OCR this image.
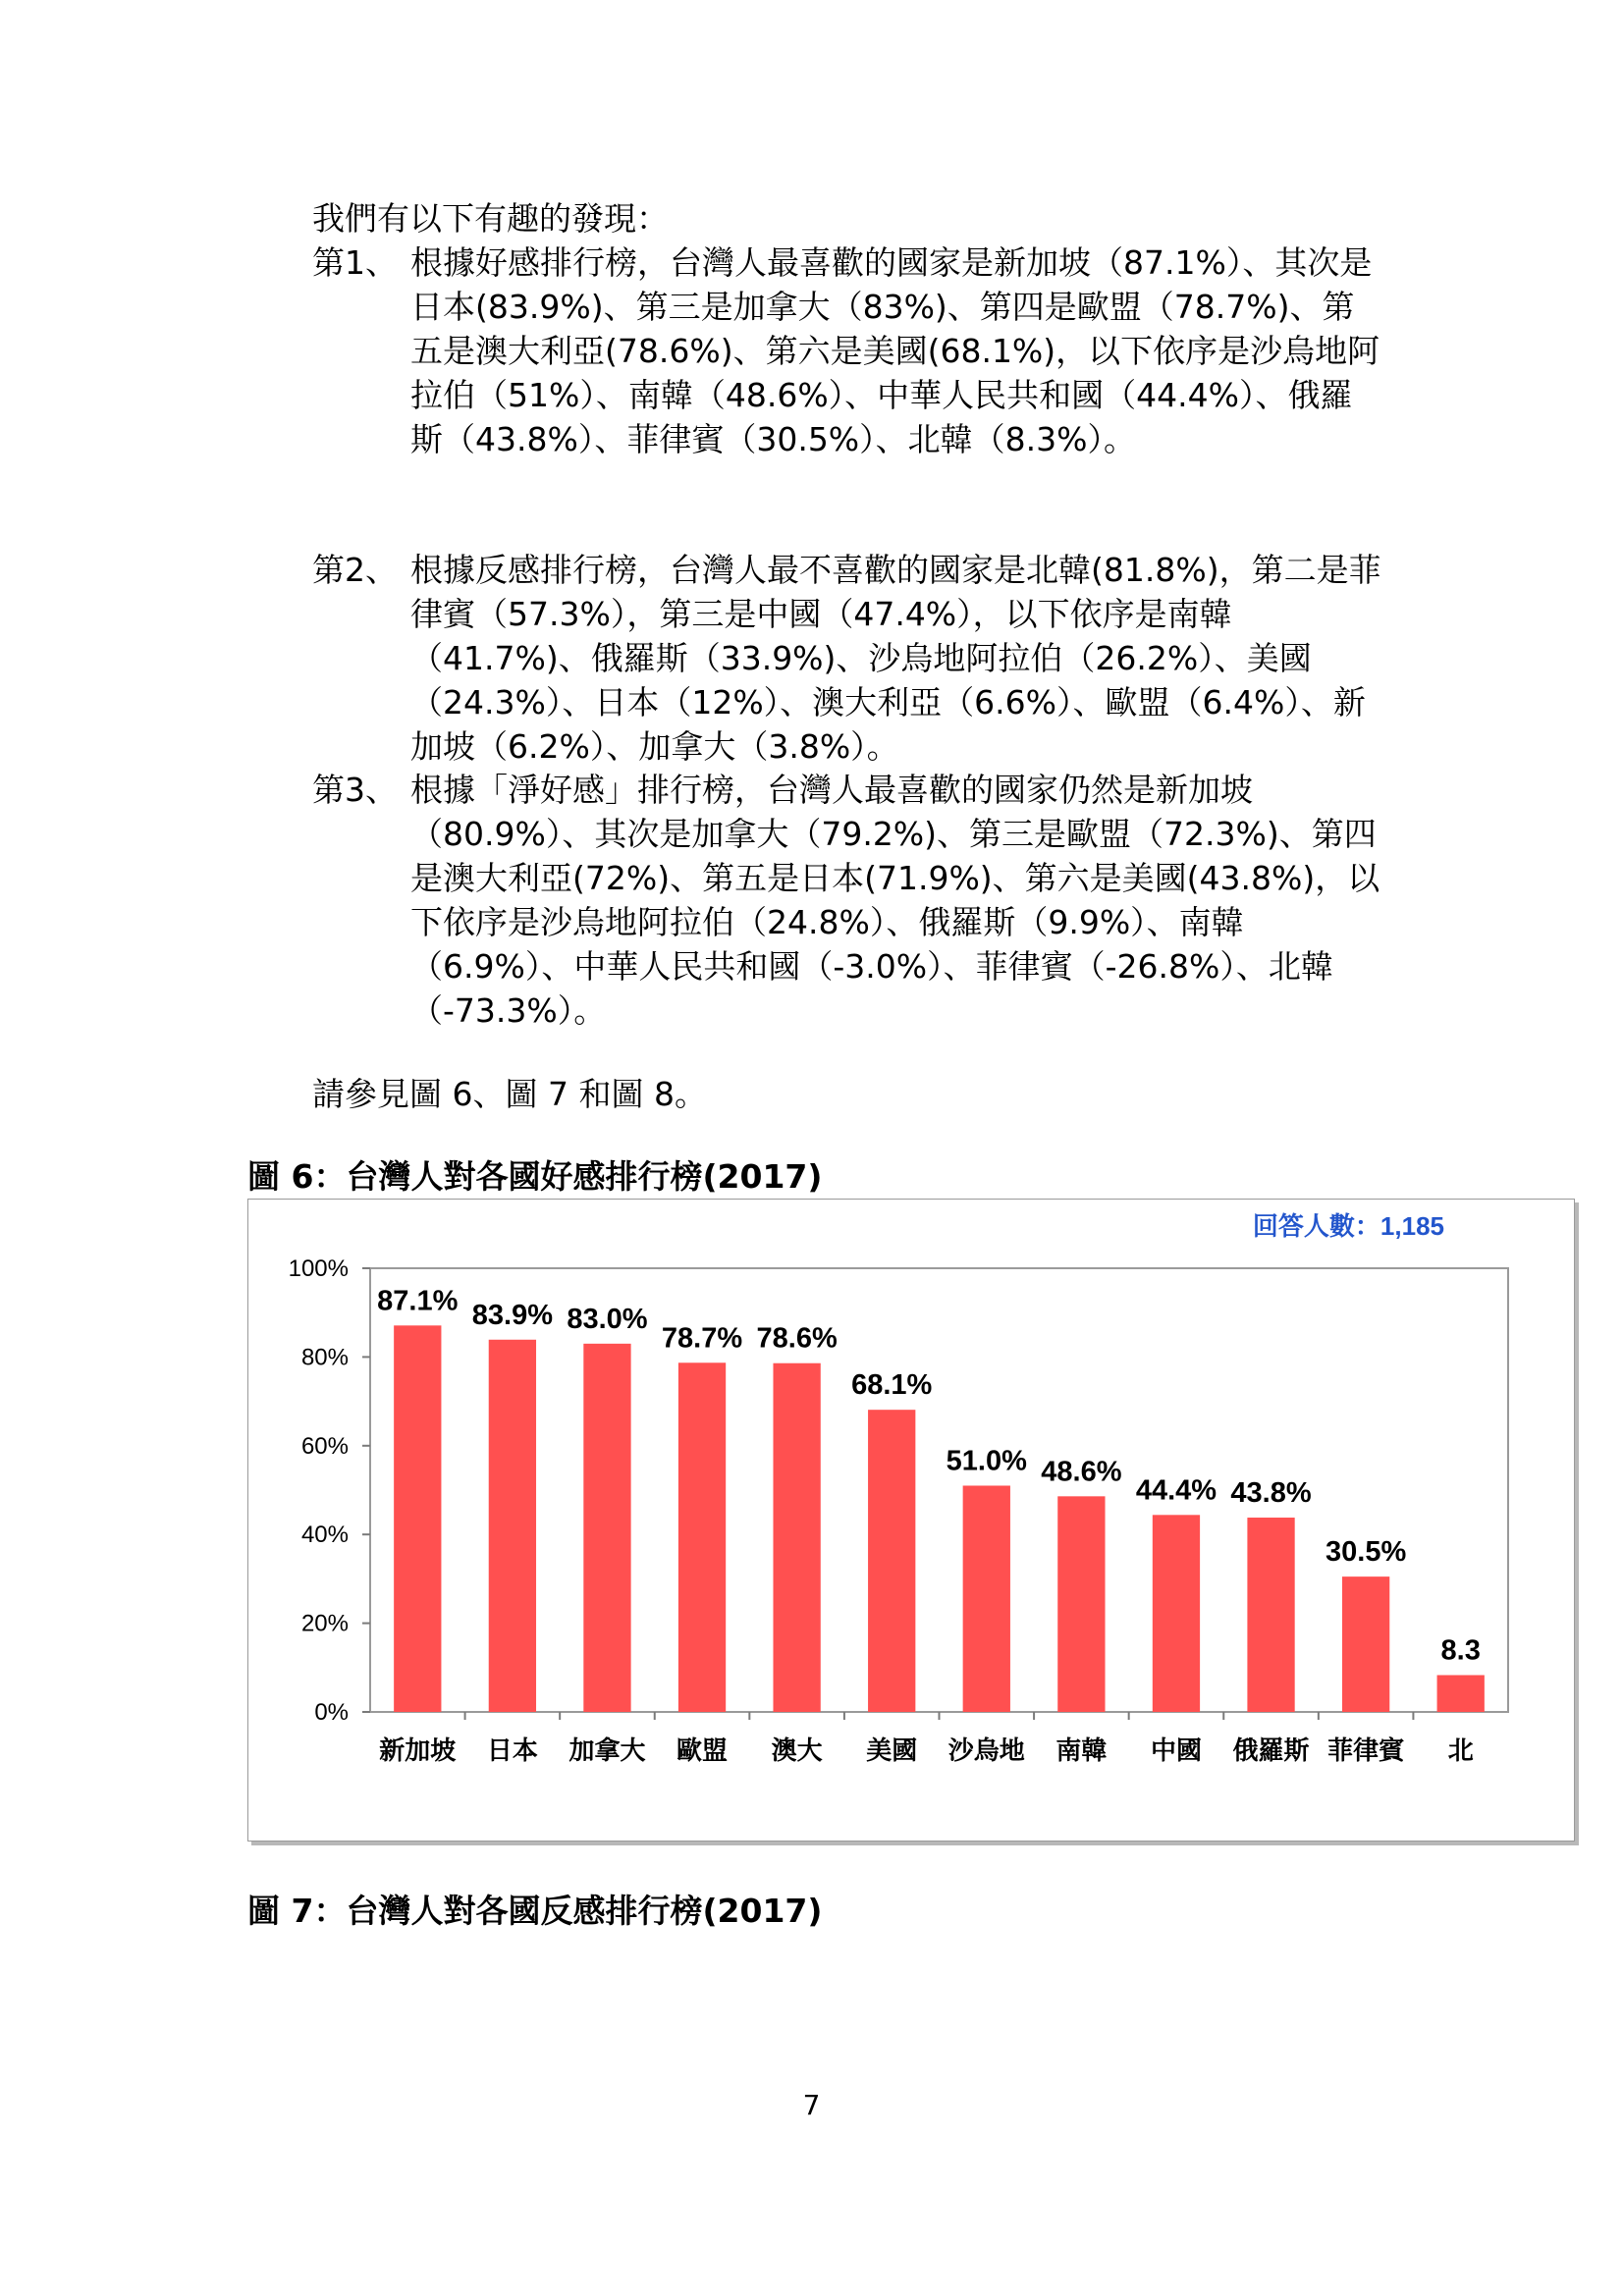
我們有以下有趣的發現：

第1、 根據好感排行榜，台灣人最喜歡的國家是新加坡（87.1%）、其次是日本(83.9%)、第三是加拿大（83%)、第四是歐盟（78.7%)、第五是澳大利亞(78.6%)、第六是美國(68.1%)，以下依序是沙烏地阿拉伯（51%）、南韓（48.6%）、中華人民共和國（44.4%）、俄羅斯（43.8%）、菲律賓（30.5%）、北韓（8.3%）。

第2、 根據反感排行榜，台灣人最不喜歡的國家是北韓(81.8%)，第二是菲律賓（57.3%），第三是中國（47.4%），以下依序是南韓（41.7%)、俄羅斯（33.9%)、沙烏地阿拉伯（26.2%）、美國（24.3%）、日本（12%）、澳大利亞（6.6%）、歐盟（6.4%）、新加坡（6.2%）、加拿大（3.8%）。

第3、 根據「淨好感」排行榜，台灣人最喜歡的國家仍然是新加坡（80.9%）、其次是加拿大（79.2%)、第三是歐盟（72.3%)、第四是澳大利亞(72%)、第五是日本(71.9%)、第六是美國(43.8%)，以下依序是沙烏地阿拉伯（24.8%）、俄羅斯（9.9%）、南韓（6.9%）、中華人民共和國（-3.0%）、菲律賓（-26.8%）、北韓（-73.3%）。

請參見圖 6、圖 7 和圖 8。

圖 6：台灣人對各國好感排行榜(2017)

回答人數：1,185
0%
20%
40%
60%
80%
100%
87.1% 83.9% 83.0%
78.7% 78.6%
68.1%
51.0% 48.6%
44.4% 43.8%
30.5%
8.3
新加坡 日本 加拿大 歐盟 澳大 美國 沙烏地 南韓 中國 俄羅斯 菲律賓 北

圖 7：台灣人對各國反感排行榜(2017)

7
